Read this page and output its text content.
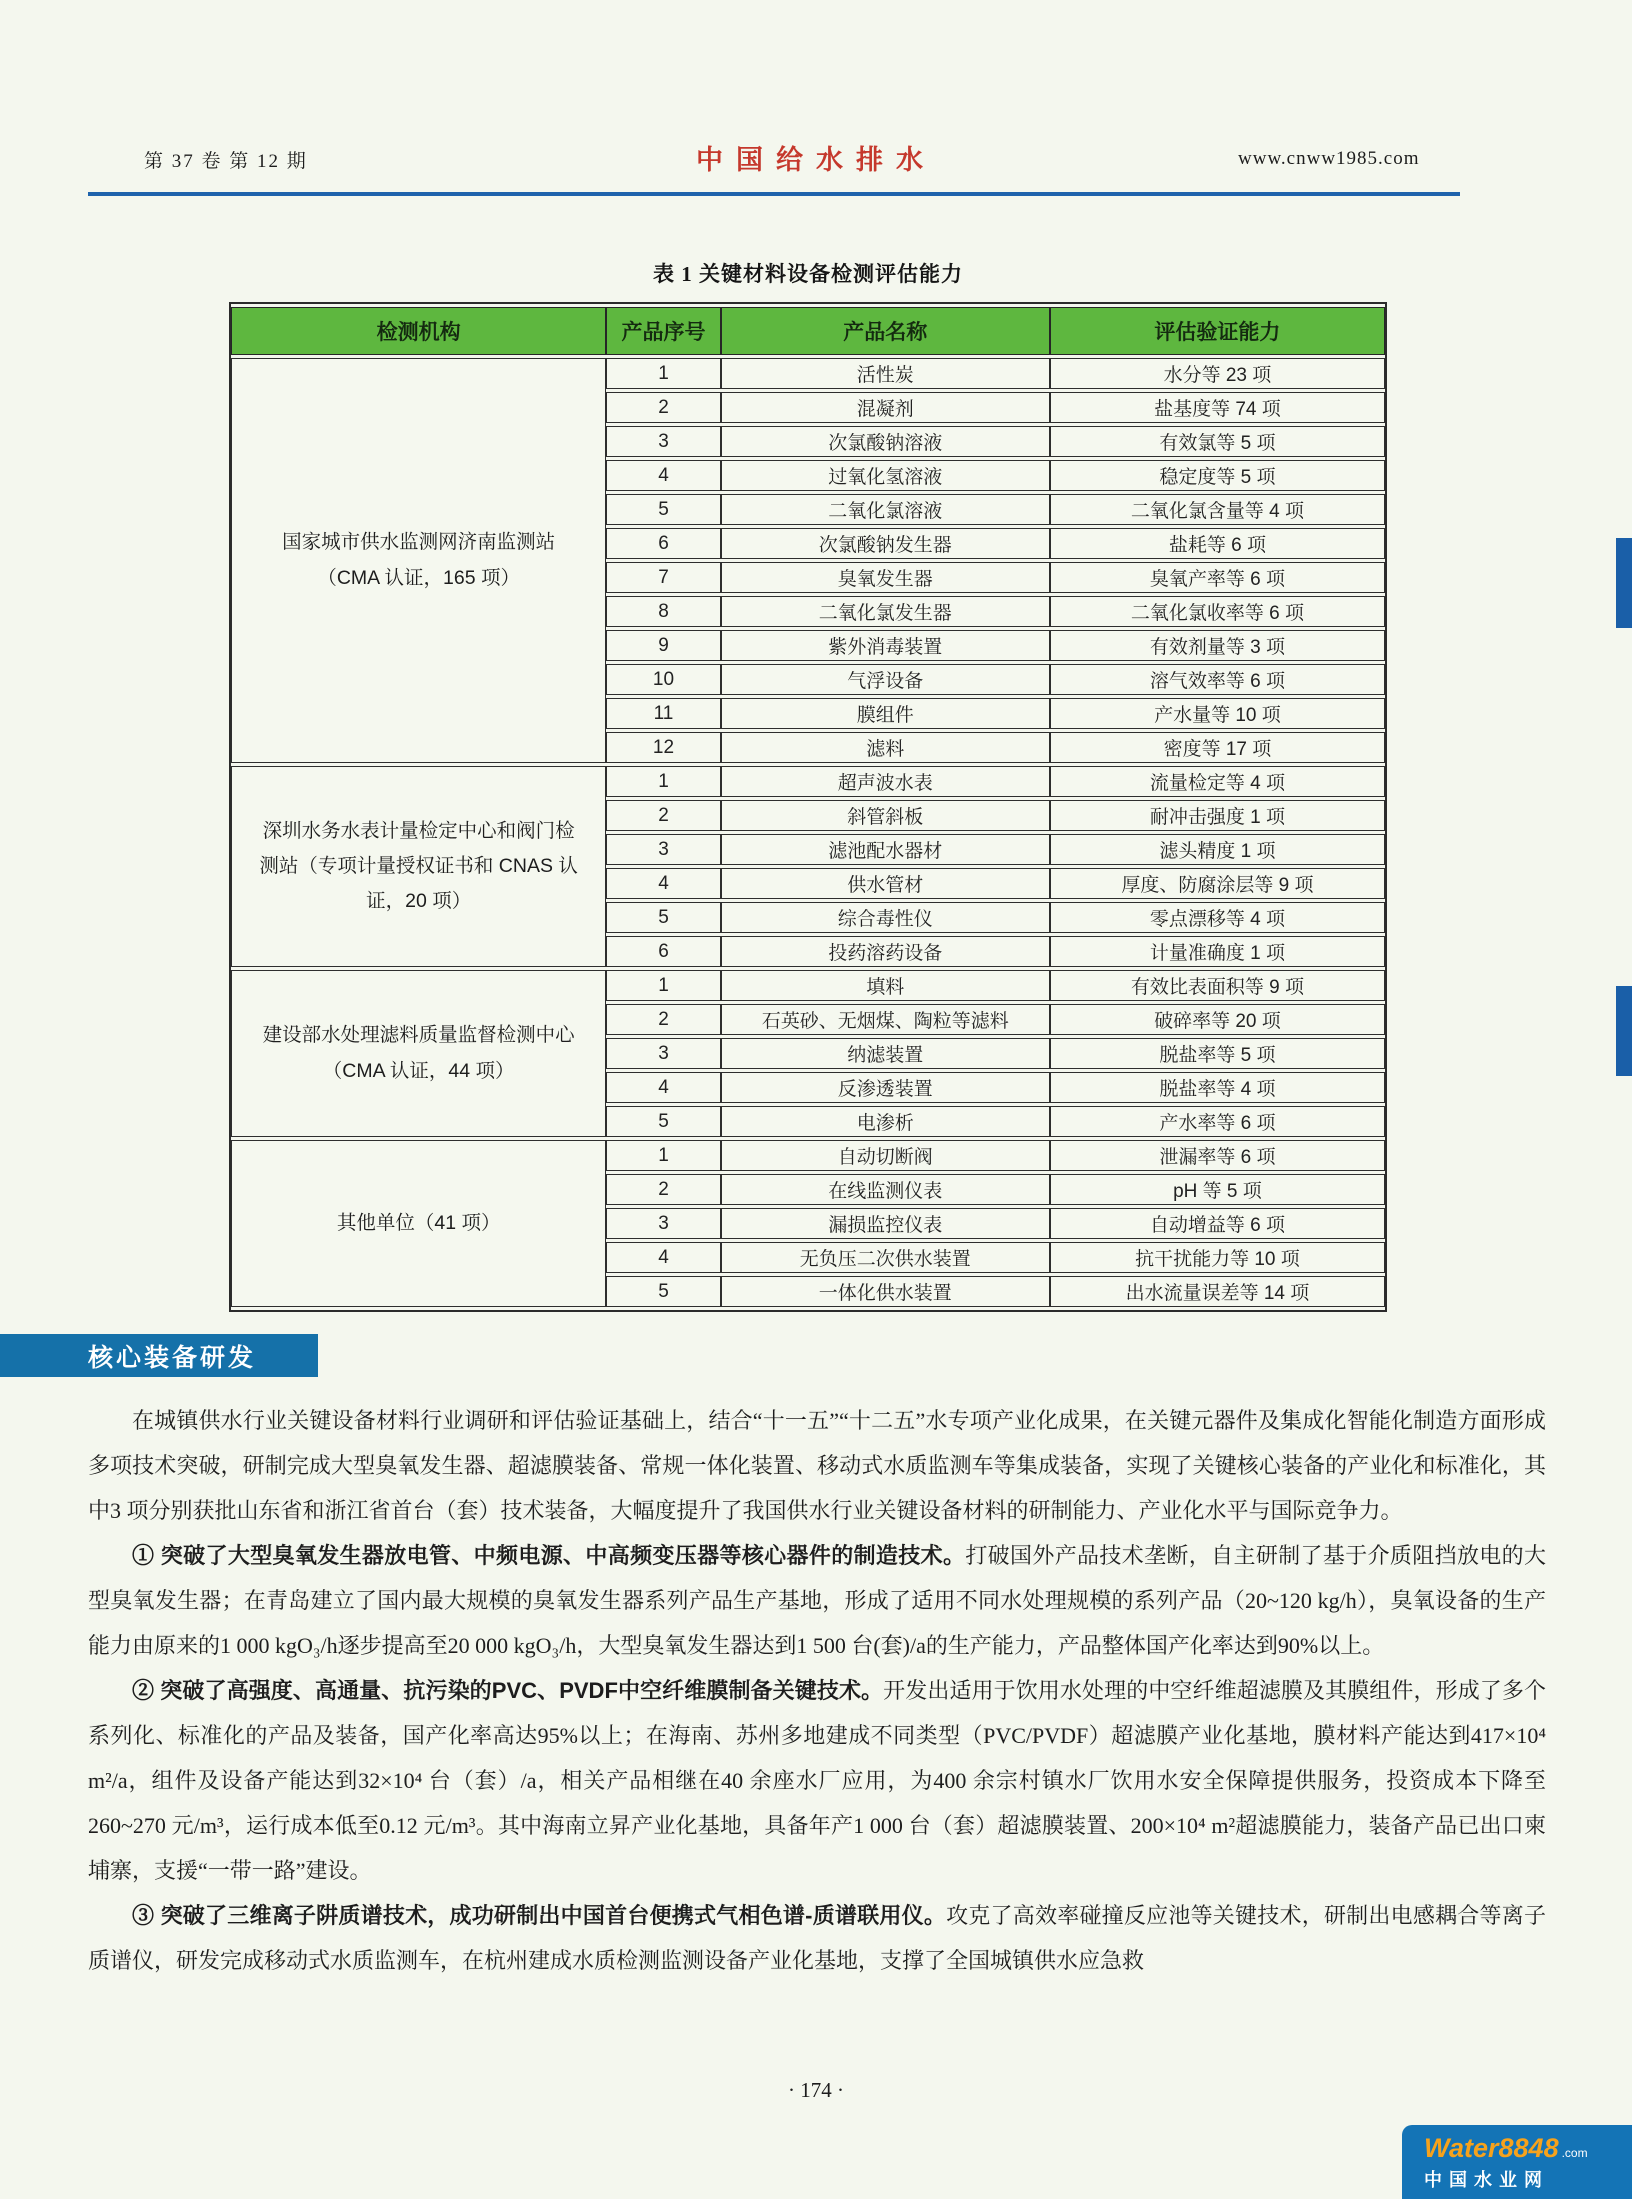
第 37 卷 第 12 期	中国给水排水	www.cnww1985.com
表 1 关键材料设备检测评估能力
检测机构	产品序号	产品名称	评估验证能力
国家城市供水监测网济南监测站 （CMA 认证，165 项）	1	活性炭	水分等 23 项
	2	混凝剂	盐基度等 74 项
	3	次氯酸钠溶液	有效氯等 5 项
	4	过氧化氢溶液	稳定度等 5 项
	5	二氧化氯溶液	二氧化氯含量等 4 项
	6	次氯酸钠发生器	盐耗等 6 项
	7	臭氧发生器	臭氧产率等 6 项
	8	二氧化氯发生器	二氧化氯收率等 6 项
	9	紫外消毒装置	有效剂量等 3 项
	10	气浮设备	溶气效率等 6 项
	11	膜组件	产水量等 10 项
	12	滤料	密度等 17 项
深圳水务水表计量检定中心和阀门检测站（专项计量授权证书和 CNAS 认证，20 项）	1	超声波水表	流量检定等 4 项
	2	斜管斜板	耐冲击强度 1 项
	3	滤池配水器材	滤头精度 1 项
	4	供水管材	厚度、防腐涂层等 9 项
	5	综合毒性仪	零点漂移等 4 项
	6	投药溶药设备	计量准确度 1 项
建设部水处理滤料质量监督检测中心（CMA 认证，44 项）	1	填料	有效比表面积等 9 项
	2	石英砂、无烟煤、陶粒等滤料	破碎率等 20 项
	3	纳滤装置	脱盐率等 5 项
	4	反渗透装置	脱盐率等 4 项
	5	电渗析	产水率等 6 项
其他单位（41 项）	1	自动切断阀	泄漏率等 6 项
	2	在线监测仪表	pH 等 5 项
	3	漏损监控仪表	自动增益等 6 项
	4	无负压二次供水装置	抗干扰能力等 10 项
	5	一体化供水装置	出水流量误差等 14 项
核心装备研发

在城镇供水行业关键设备材料行业调研和评估验证基础上，结合“十一五”“十二五”水专项产业化成果，在关键元器件及集成化智能化制造方面形成多项技术突破，研制完成大型臭氧发生器、超滤膜装备、常规一体化装置、移动式水质监测车等集成装备，实现了关键核心装备的产业化和标准化，其中3 项分别获批山东省和浙江省首台（套）技术装备，大幅度提升了我国供水行业关键设备材料的研制能力、产业化水平与国际竞争力。

① 突破了大型臭氧发生器放电管、中频电源、中高频变压器等核心器件的制造技术。打破国外产品技术垄断，自主研制了基于介质阻挡放电的大型臭氧发生器；在青岛建立了国内最大规模的臭氧发生器系列产品生产基地，形成了适用不同水处理规模的系列产品（20~120 kg/h），臭氧设备的生产能力由原来的1 000 kgO₃/h逐步提高至20 000 kgO₃/h，大型臭氧发生器达到1 500 台(套)/a的生产能力，产品整体国产化率达到90%以上。

② 突破了高强度、高通量、抗污染的PVC、PVDF中空纤维膜制备关键技术。开发出适用于饮用水处理的中空纤维超滤膜及其膜组件，形成了多个系列化、标准化的产品及装备，国产化率高达95%以上；在海南、苏州多地建成不同类型（PVC/PVDF）超滤膜产业化基地，膜材料产能达到417×10⁴ m²/a，组件及设备产能达到32×10⁴ 台（套）/a，相关产品相继在40 余座水厂应用，为400 余宗村镇水厂饮用水安全保障提供服务，投资成本下降至260~270 元/m³，运行成本低至0.12 元/m³。其中海南立昇产业化基地，具备年产1 000 台（套）超滤膜装置、200×10⁴ m²超滤膜能力，装备产品已出口柬埔寨，支援“一带一路”建设。

③ 突破了三维离子阱质谱技术，成功研制出中国首台便携式气相色谱-质谱联用仪。攻克了高效率碰撞反应池等关键技术，研制出电感耦合等离子质谱仪，研发完成移动式水质监测车，在杭州建成水质检测监测设备产业化基地，支撑了全国城镇供水应急救

· 174 ·
Water8848 .com
中国水业网
